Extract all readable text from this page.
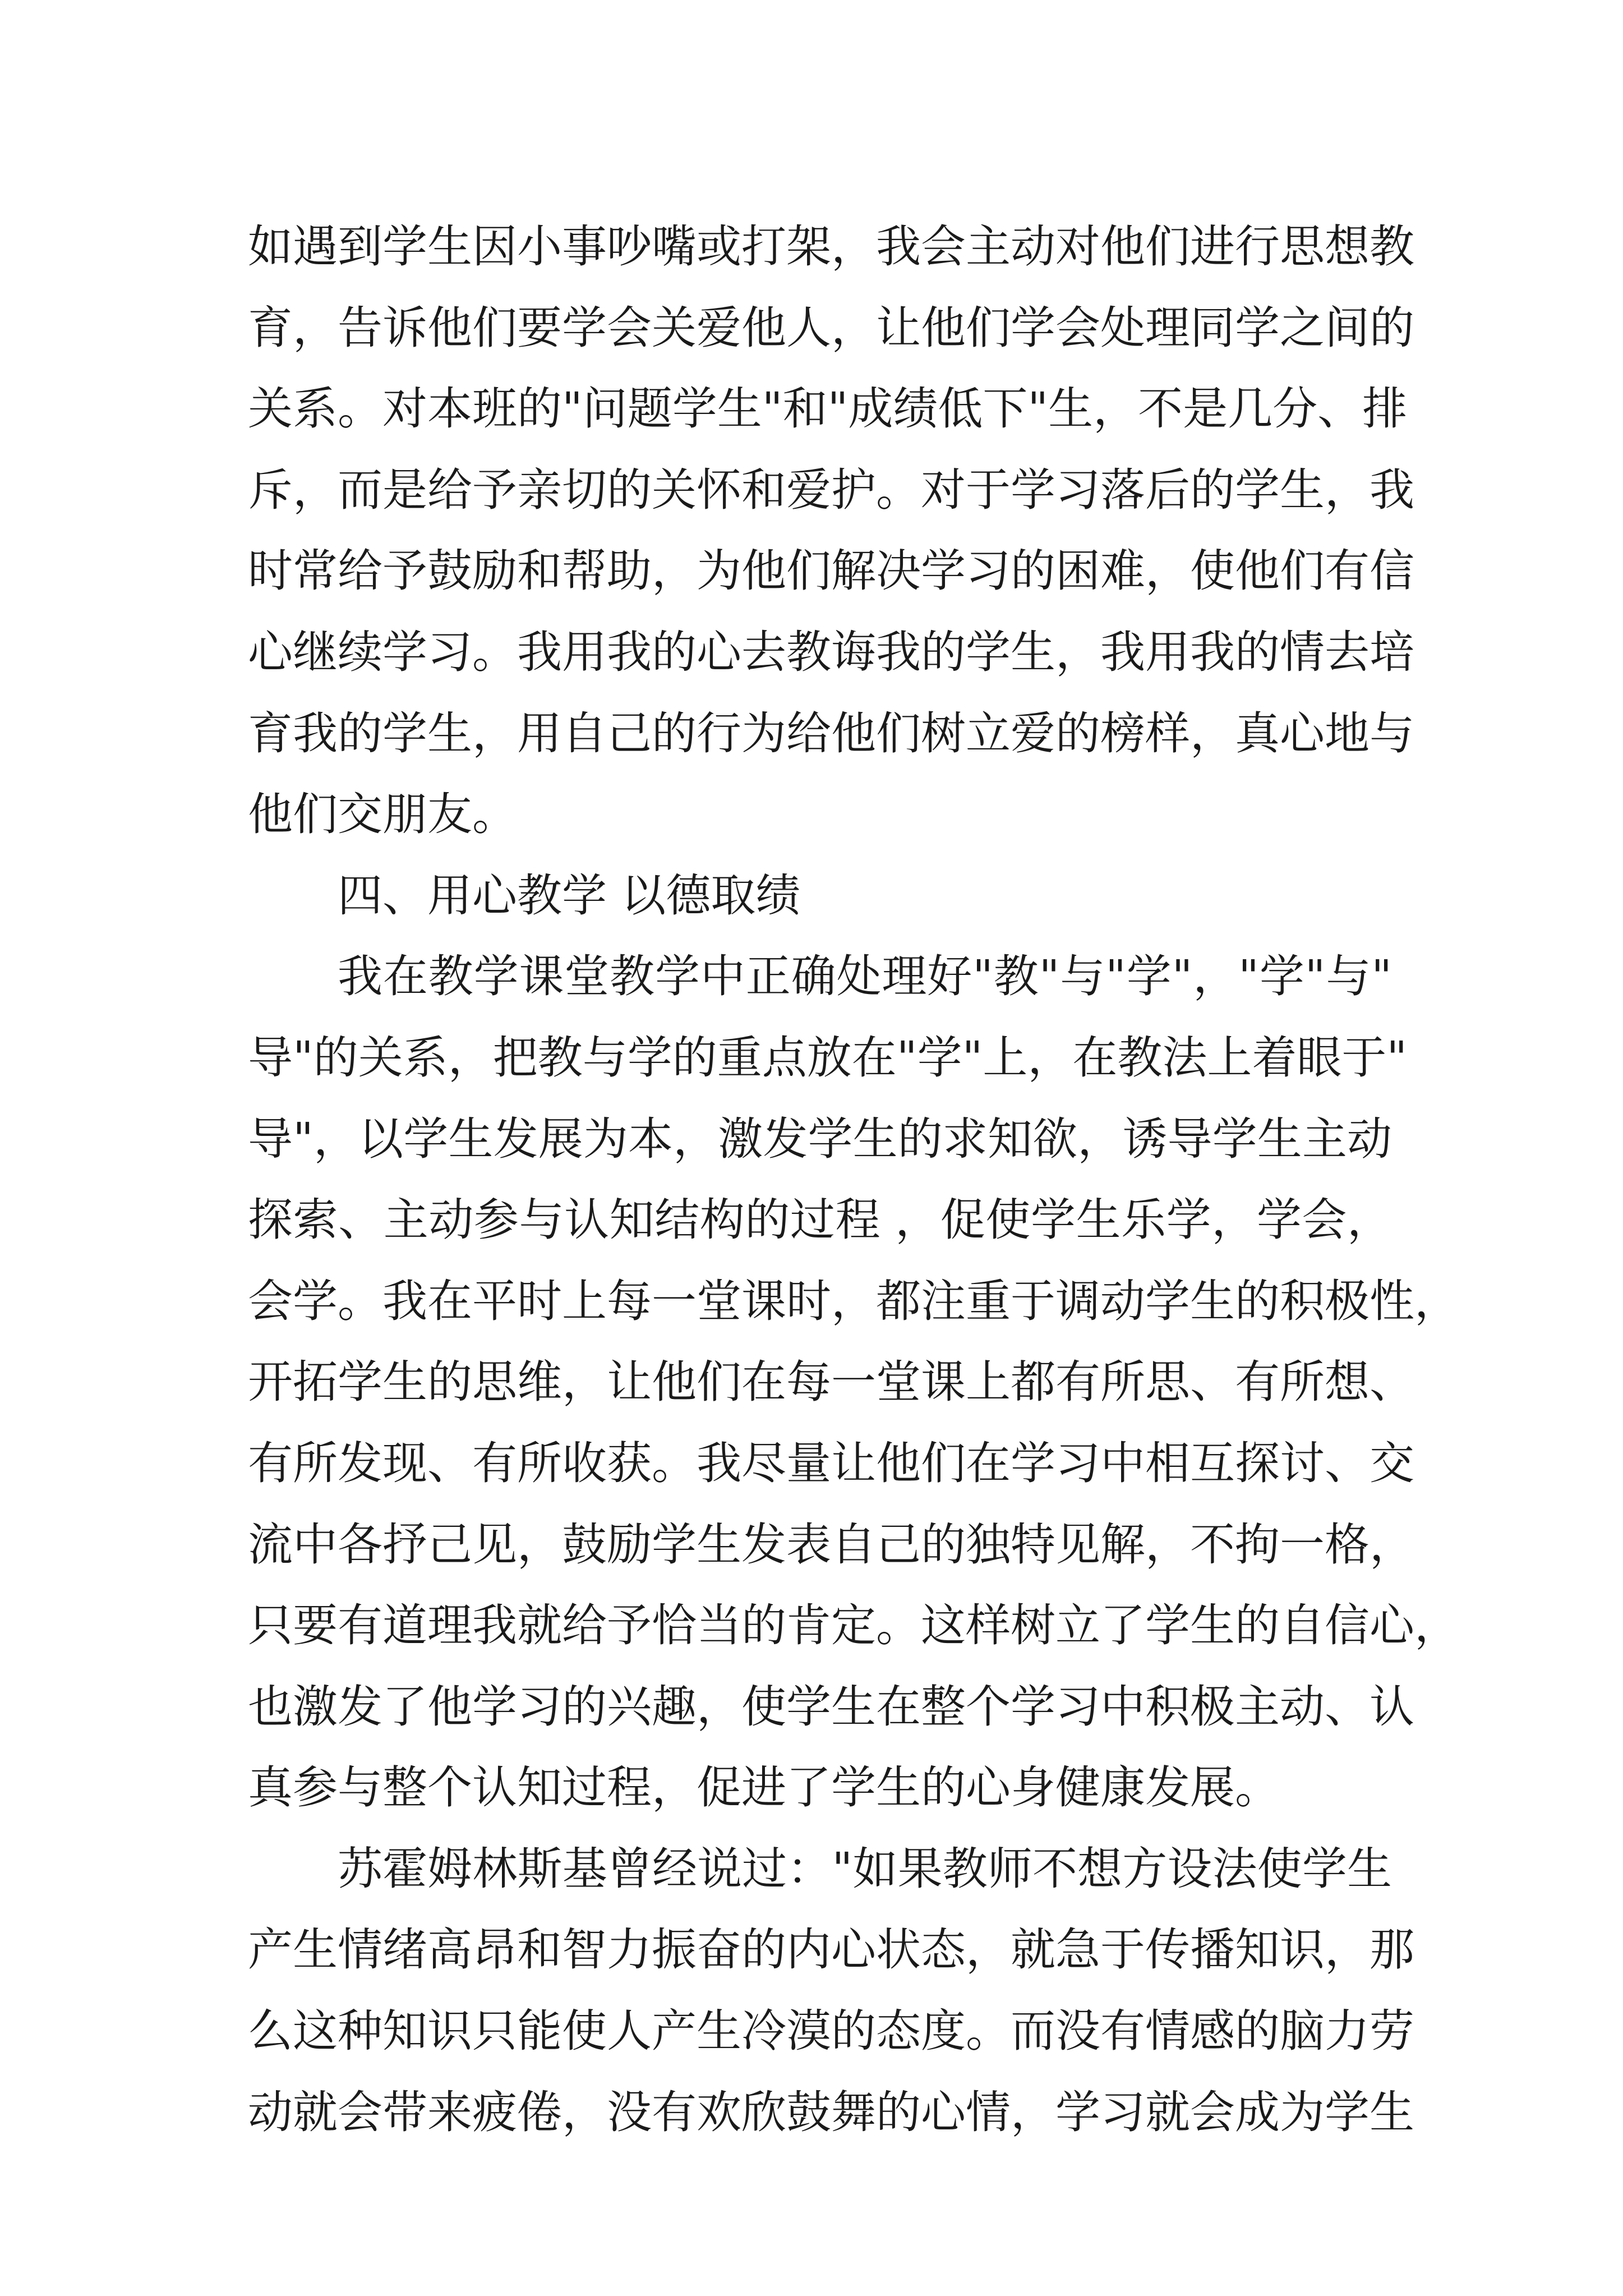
如遇到学生因小事吵嘴或打架，我会主动对他们进行思想教
育，告诉他们要学会关爱他人，让他们学会处理同学之间的
关系。对本班的"问题学生"和"成绩低下"生，不是几分、排
斥，而是给予亲切的关怀和爱护。对于学习落后的学生，我
时常给予鼓励和帮助，为他们解决学习的困难，使他们有信
心继续学习。我用我的心去教诲我的学生，我用我的情去培
育我的学生，用自己的行为给他们树立爱的榜样，真心地与
他们交朋友。
四、用心教学 以德取绩
我在教学课堂教学中正确处理好"教"与"学"，"学"与"
导"的关系，把教与学的重点放在"学"上，在教法上着眼于"
导"，以学生发展为本，激发学生的求知欲，诱导学生主动
探索、主动参与认知结构的过程 ，促使学生乐学，学会，
会学。我在平时上每一堂课时，都注重于调动学生的积极性，
开拓学生的思维，让他们在每一堂课上都有所思、有所想、
有所发现、有所收获。我尽量让他们在学习中相互探讨、交
流中各抒己见，鼓励学生发表自己的独特见解，不拘一格，
只要有道理我就给予恰当的肯定。这样树立了学生的自信心，
也激发了他学习的兴趣，使学生在整个学习中积极主动、认
真参与整个认知过程，促进了学生的心身健康发展。
苏霍姆林斯基曾经说过："如果教师不想方设法使学生
产生情绪高昂和智力振奋的内心状态，就急于传播知识，那
么这种知识只能使人产生冷漠的态度。而没有情感的脑力劳
动就会带来疲倦，没有欢欣鼓舞的心情，学习就会成为学生
